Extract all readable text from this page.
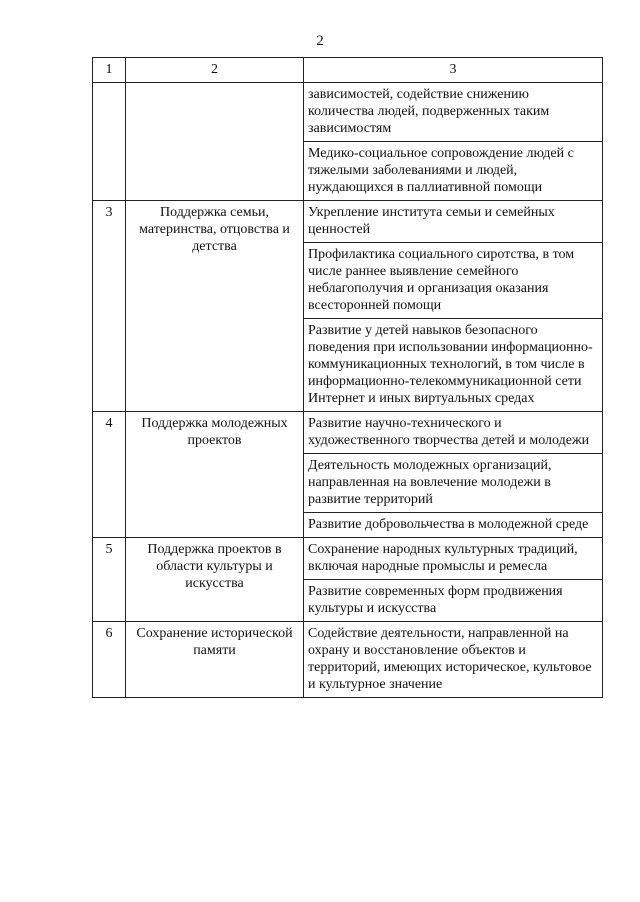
2
1	2	3
		зависимостей, содействие снижению количества людей, подверженных таким зависимостям
		Медико-социальное сопровождение людей с тяжелыми заболеваниями и людей, нуждающихся в паллиативной помощи
3	Поддержка семьи, материнства, отцовства и детства	Укрепление института семьи и семейных ценностей
		Профилактика социального сиротства, в том числе раннее выявление семейного неблагополучия и организация оказания всесторонней помощи
		Развитие у детей навыков безопасного поведения при использовании информационно-коммуникационных технологий, в том числе в информационно-телекоммуникационной сети Интернет и иных виртуальных средах
4	Поддержка молодежных проектов	Развитие научно-технического и художественного творчества детей и молодежи
		Деятельность молодежных организаций, направленная на вовлечение молодежи в развитие территорий
		Развитие добровольчества в молодежной среде
5	Поддержка проектов в области культуры и искусства	Сохранение народных культурных традиций, включая народные промыслы и ремесла
		Развитие современных форм продвижения культуры и искусства
6	Сохранение исторической памяти	Содействие деятельности, направленной на охрану и восстановление объектов и территорий, имеющих историческое, культовое и культурное значение
